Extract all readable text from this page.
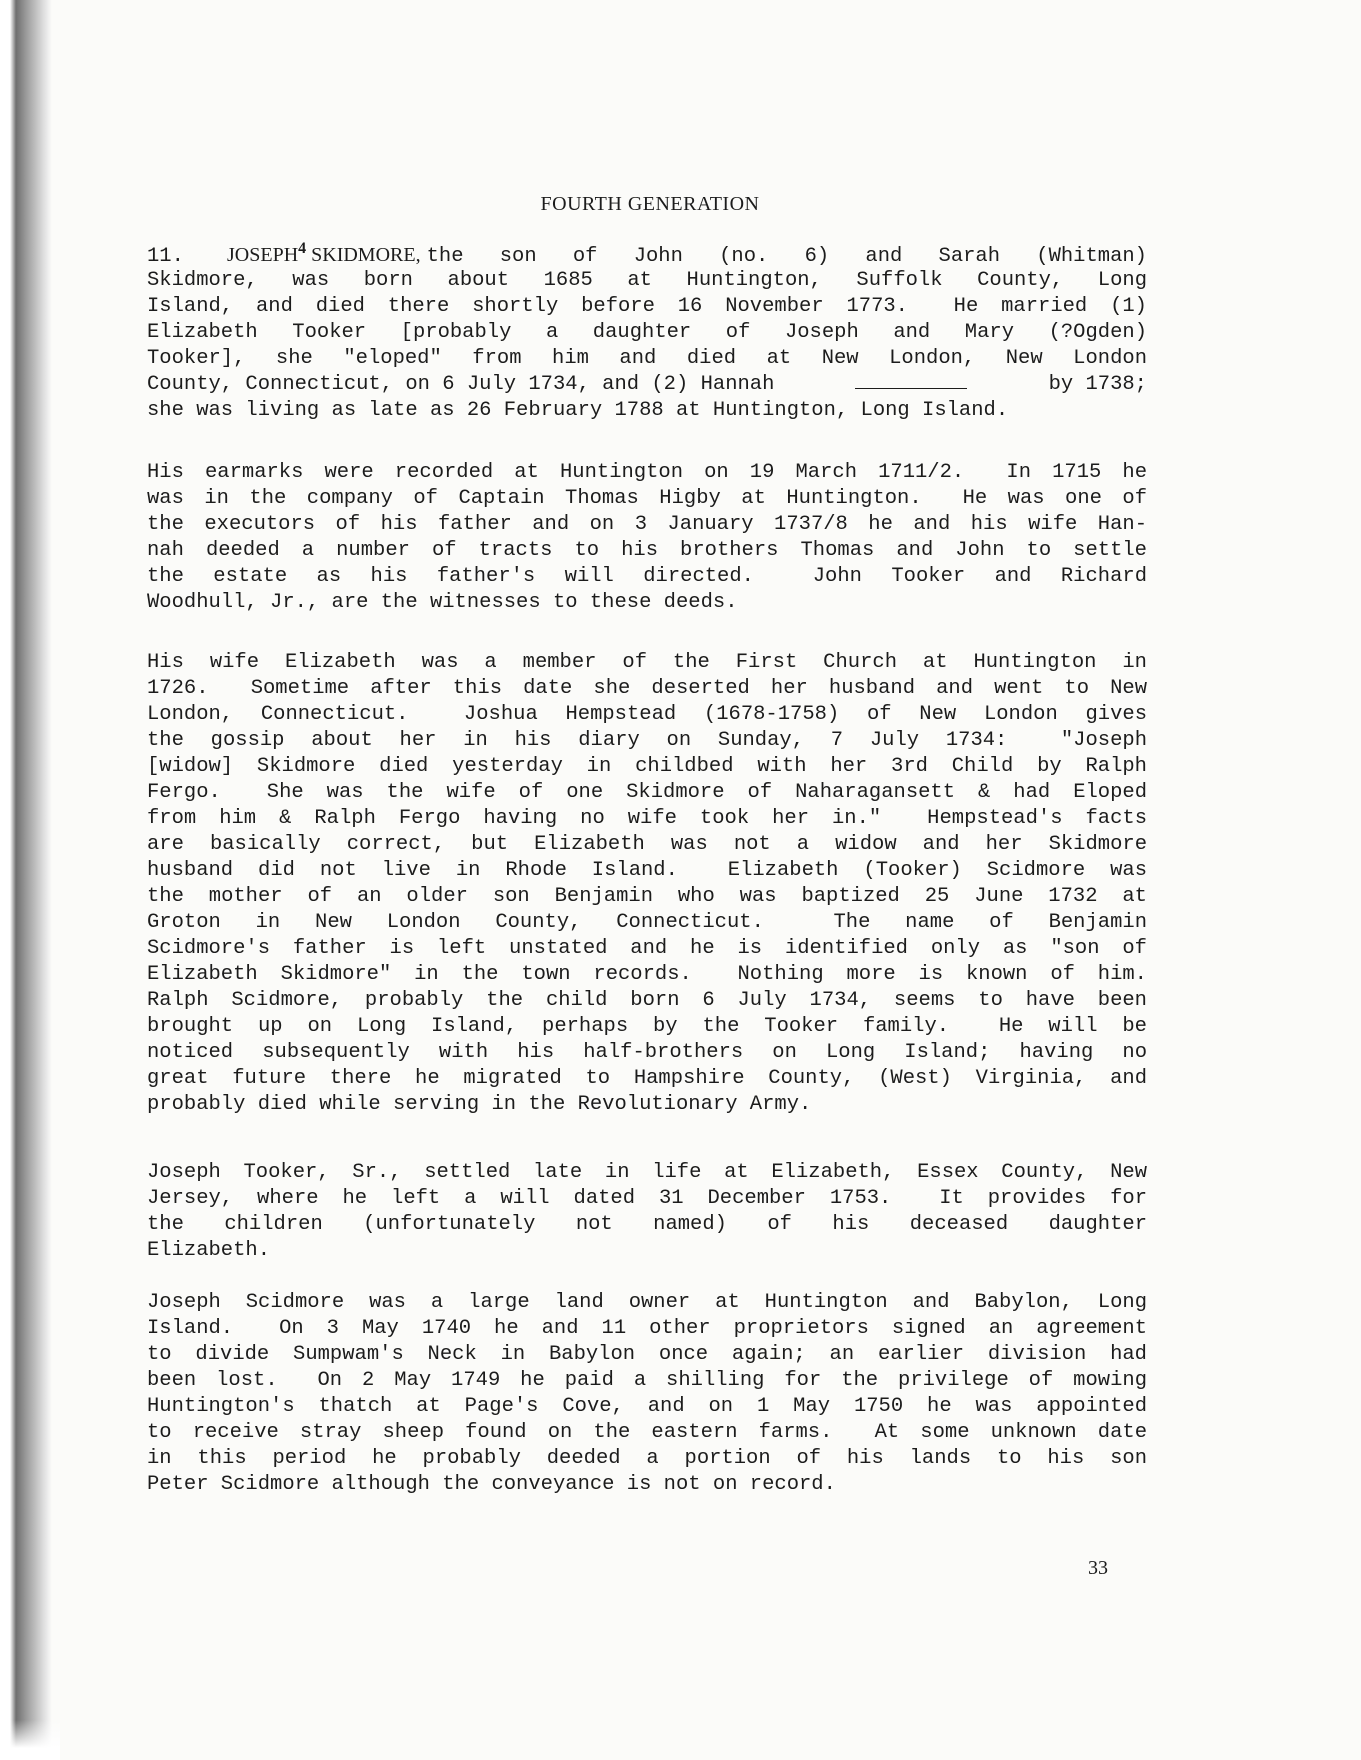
FOURTH GENERATION
11.	JOSEPH$^4$ SKIDMORE, the son of John (no. 6) and Sarah (Whitman)
Skidmore, was born about 1685 at Huntington, Suffolk County, Long
Island, and died there shortly before 16 November 1773.  He married (1)
Elizabeth Tooker [probably a daughter of Joseph and Mary (?Ogden)
Tooker], she "eloped" from him and died at New London, New London
County, Connecticut, on 6 July 1734, and (2) Hannah	by 1738;
she was living as late as 26 February 1788 at Huntington, Long Island.
His earmarks were recorded at Huntington on 19 March 1711/2.  In 1715 he
was in the company of Captain Thomas Higby at Huntington.  He was one of
the executors of his father and on 3 January 1737/8 he and his wife Han-
nah deeded a number of tracts to his brothers Thomas and John to settle
the estate as his father's will directed.  John Tooker and Richard
Woodhull, Jr., are the witnesses to these deeds.
His wife Elizabeth was a member of the First Church at Huntington in
1726.  Sometime after this date she deserted her husband and went to New
London, Connecticut.  Joshua Hempstead (1678-1758) of New London gives
the gossip about her in his diary on Sunday, 7 July 1734:  "Joseph
[widow] Skidmore died yesterday in childbed with her 3rd Child by Ralph
Fergo.  She was the wife of one Skidmore of Naharagansett & had Eloped
from him & Ralph Fergo having no wife took her in."  Hempstead's facts
are basically correct, but Elizabeth was not a widow and her Skidmore
husband did not live in Rhode Island.  Elizabeth (Tooker) Scidmore was
the mother of an older son Benjamin who was baptized 25 June 1732 at
Groton in New London County, Connecticut.  The name of Benjamin
Scidmore's father is left unstated and he is identified only as "son of
Elizabeth Skidmore" in the town records.  Nothing more is known of him.
Ralph Scidmore, probably the child born 6 July 1734, seems to have been
brought up on Long Island, perhaps by the Tooker family.  He will be
noticed subsequently with his half-brothers on Long Island; having no
great future there he migrated to Hampshire County, (West) Virginia, and
probably died while serving in the Revolutionary Army.
Joseph Tooker, Sr., settled late in life at Elizabeth, Essex County, New
Jersey, where he left a will dated 31 December 1753.  It provides for
the children (unfortunately not named) of his deceased daughter
Elizabeth.
Joseph Scidmore was a large land owner at Huntington and Babylon, Long
Island.  On 3 May 1740 he and 11 other proprietors signed an agreement
to divide Sumpwam's Neck in Babylon once again; an earlier division had
been lost.  On 2 May 1749 he paid a shilling for the privilege of mowing
Huntington's thatch at Page's Cove, and on 1 May 1750 he was appointed
to receive stray sheep found on the eastern farms.  At some unknown date
in this period he probably deeded a portion of his lands to his son
Peter Scidmore although the conveyance is not on record.
33
